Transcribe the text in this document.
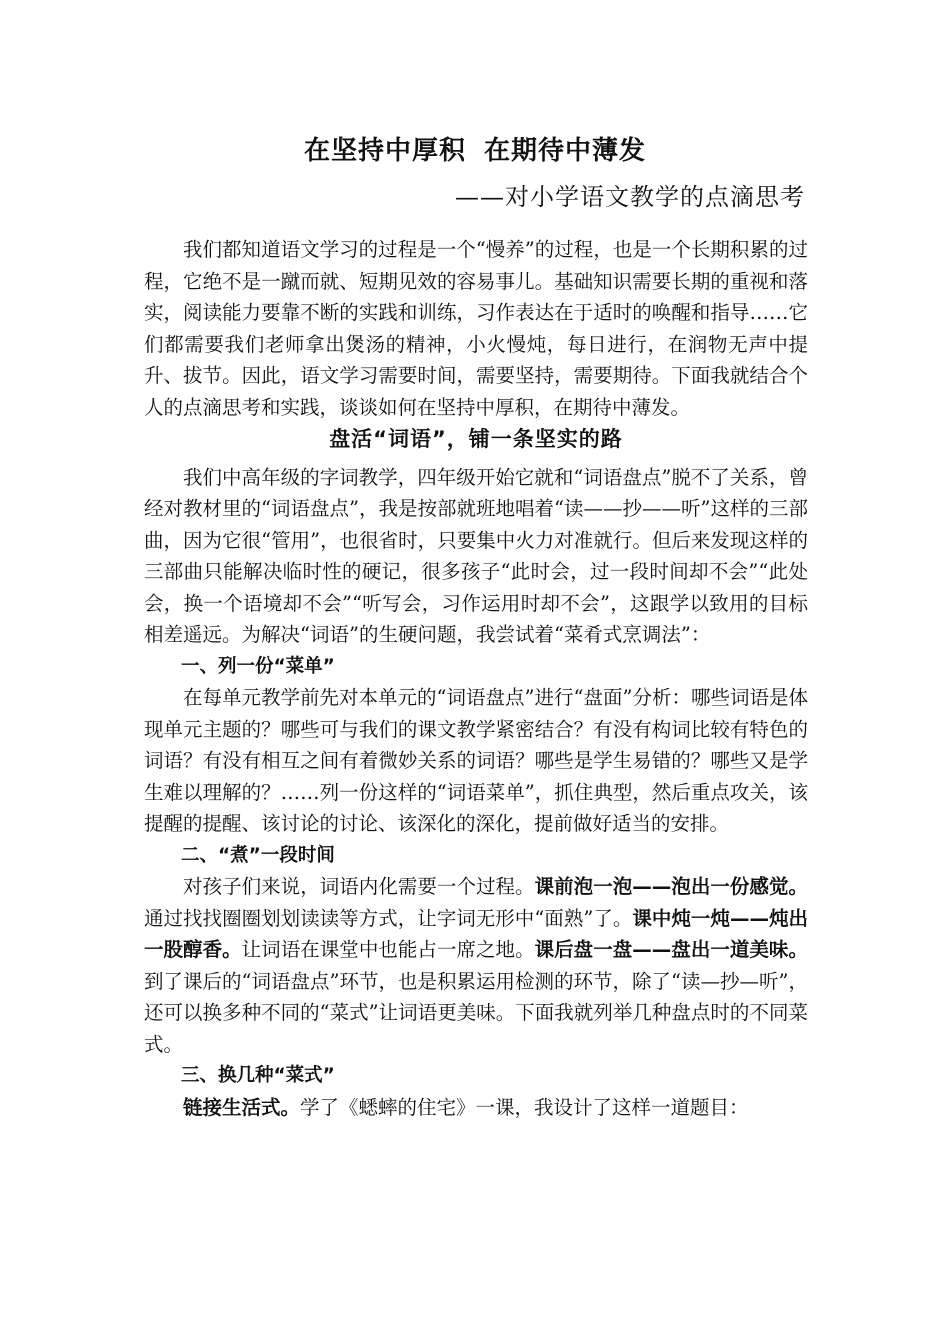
在坚持中厚积 在期待中薄发

——对小学语文教学的点滴思考

我们都知道语文学习的过程是一个“慢养”的过程，也是一个长期积累的过程，它绝不是一蹴而就、短期见效的容易事儿。基础知识需要长期的重视和落实，阅读能力要靠不断的实践和训练，习作表达在于适时的唤醒和指导……它们都需要我们老师拿出煲汤的精神，小火慢炖，每日进行，在润物无声中提升、拔节。因此，语文学习需要时间，需要坚持，需要期待。下面我就结合个人的点滴思考和实践，谈谈如何在坚持中厚积，在期待中薄发。

盘活“词语”，铺一条坚实的路

我们中高年级的字词教学，四年级开始它就和“词语盘点”脱不了关系，曾经对教材里的“词语盘点”，我是按部就班地唱着“读——抄——听”这样的三部曲，因为它很“管用”，也很省时，只要集中火力对准就行。但后来发现这样的三部曲只能解决临时性的硬记，很多孩子“此时会，过一段时间却不会”“此处会，换一个语境却不会”“听写会，习作运用时却不会”，这跟学以致用的目标相差遥远。为解决“词语”的生硬问题，我尝试着“菜肴式烹调法”：

一、列一份“菜单”

在每单元教学前先对本单元的“词语盘点”进行“盘面”分析：哪些词语是体现单元主题的？哪些可与我们的课文教学紧密结合？有没有构词比较有特色的词语？有没有相互之间有着微妙关系的词语？哪些是学生易错的？哪些又是学生难以理解的？……列一份这样的“词语菜单”，抓住典型，然后重点攻关，该提醒的提醒、该讨论的讨论、该深化的深化，提前做好适当的安排。

二、“煮”一段时间

对孩子们来说，词语内化需要一个过程。课前泡一泡——泡出一份感觉。通过找找圈圈划划读读等方式，让字词无形中“面熟”了。课中炖一炖——炖出一股醇香。让词语在课堂中也能占一席之地。课后盘一盘——盘出一道美味。到了课后的“词语盘点”环节，也是积累运用检测的环节，除了“读—抄—听”，还可以换多种不同的“菜式”让词语更美味。下面我就列举几种盘点时的不同菜式。

三、换几种“菜式”

链接生活式。学了《蟋蟀的住宅》一课，我设计了这样一道题目：
